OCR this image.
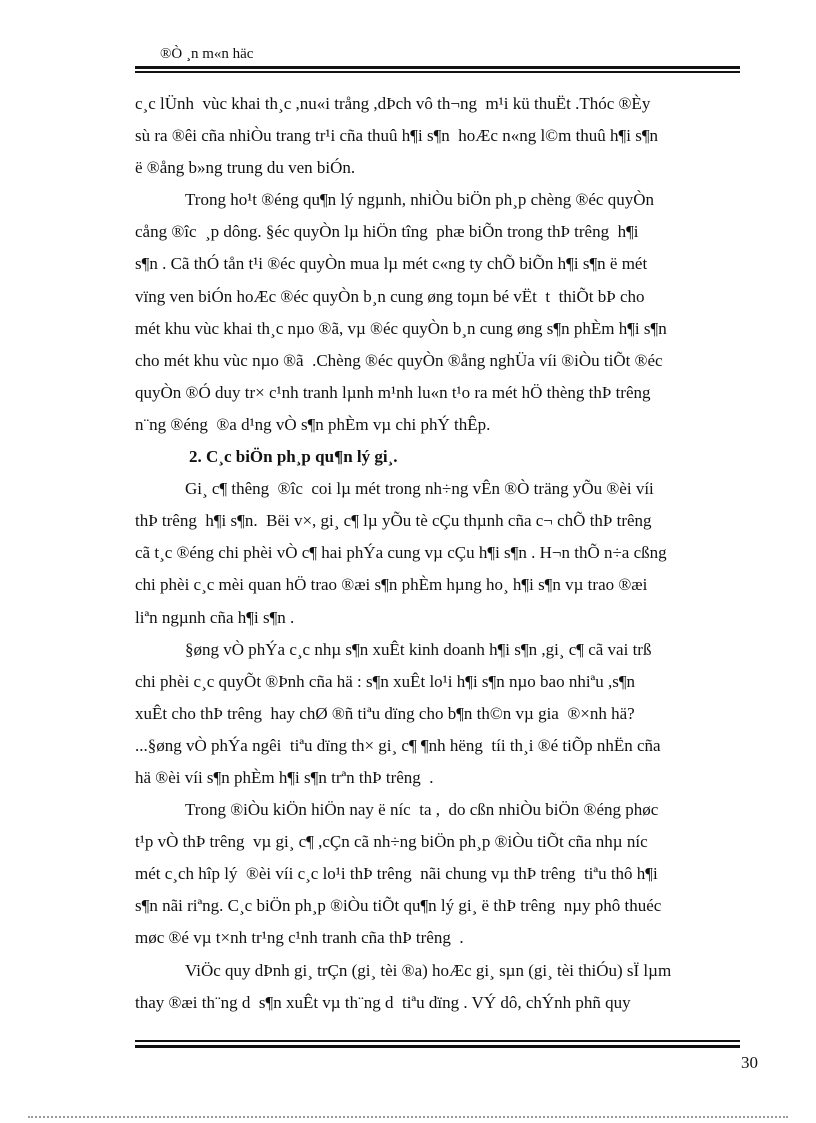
®Ò ¸n m«n häc
c¸c lÜnh  vùc khai th¸c ,nu«i trång ,dÞch vô th¬ng  m¹i kü thuËt .Thóc ®Èy
sù ra ®êi cña nhiÒu trang tr¹i cña thuû h¶i s¶n  hoÆc n«ng l©m thuû h¶i s¶n
ë ®ång b»ng trung du ven biÓn.
Trong ho¹t ®éng qu¶n lý ngµnh, nhiÒu biÖn ph¸p chèng ®éc quyÒn
cång ®îc  ¸p dông. §éc quyÒn lµ hiÖn tîng  phæ biÕn trong thÞ trêng  h¶i
s¶n . Cã thÓ tån t¹i ®éc quyÒn mua lµ mét c«ng ty chÕ biÕn h¶i s¶n ë mét
vïng ven biÓn hoÆc ®éc quyÒn b¸n cung øng toµn bé vËt  t  thiÕt bÞ cho
mét khu vùc khai th¸c nµo ®ã, vµ ®éc quyÒn b¸n cung øng s¶n phÈm h¶i s¶n
cho mét khu vùc nµo ®ã  .Chèng ®éc quyÒn ®ång nghÜa víi ®iÒu tiÕt ®éc
quyÒn ®Ó duy tr× c¹nh tranh lµnh m¹nh lu«n t¹o ra mét hÖ thèng thÞ trêng
n¨ng ®éng  ®a d¹ng vÒ s¶n phÈm vµ chi phÝ thÊp.
2. C¸c biÖn ph¸p qu¶n lý gi¸.
Gi¸ c¶ thêng  ®îc  coi lµ mét trong nh÷ng vÊn ®Ò träng yÕu ®èi víi
thÞ trêng  h¶i s¶n.  Bëi v×, gi¸ c¶ lµ yÕu tè cÇu thµnh cña c¬ chÕ thÞ trêng
cã t¸c ®éng chi phèi vÒ c¶ hai phÝa cung vµ cÇu h¶i s¶n . H¬n thÕ n÷a cßng
chi phèi c¸c mèi quan hÖ trao ®æi s¶n phÈm hµng ho¸ h¶i s¶n vµ trao ®æi
liªn ngµnh cña h¶i s¶n .
§øng vÒ phÝa c¸c nhµ s¶n xuÊt kinh doanh h¶i s¶n ,gi¸ c¶ cã vai trß
chi phèi c¸c quyÕt ®Þnh cña hä : s¶n xuÊt lo¹i h¶i s¶n nµo bao nhiªu ,s¶n
xuÊt cho thÞ trêng  hay chØ ®ñ tiªu dïng cho b¶n th©n vµ gia  ®×nh hä?
...§øng vÒ phÝa ngêi  tiªu dïng th× gi¸ c¶ ¶nh hëng  tíi th¸i ®é tiÕp nhËn cña
hä ®èi víi s¶n phÈm h¶i s¶n trªn thÞ trêng  .
Trong ®iÒu kiÖn hiÖn nay ë níc  ta ,  do cßn nhiÒu biÖn ®éng phøc
t¹p vÒ thÞ trêng  vµ gi¸ c¶ ,cÇn cã nh÷ng biÖn ph¸p ®iÒu tiÕt cña nhµ níc
mét c¸ch hîp lý  ®èi víi c¸c lo¹i thÞ trêng  nãi chung vµ thÞ trêng  tiªu thô h¶i
s¶n nãi riªng. C¸c biÖn ph¸p ®iÒu tiÕt qu¶n lý gi¸ ë thÞ trêng  nµy phô thuéc
møc ®é vµ t×nh tr¹ng c¹nh tranh cña thÞ trêng  .
ViÖc quy dÞnh gi¸ trÇn (gi¸ tèi ®a) hoÆc gi¸ sµn (gi¸ tèi thiÓu) sÏ lµm
thay ®æi th¨ng d  s¶n xuÊt vµ th¨ng d  tiªu dïng . VÝ dô, chÝnh phñ quy
30
